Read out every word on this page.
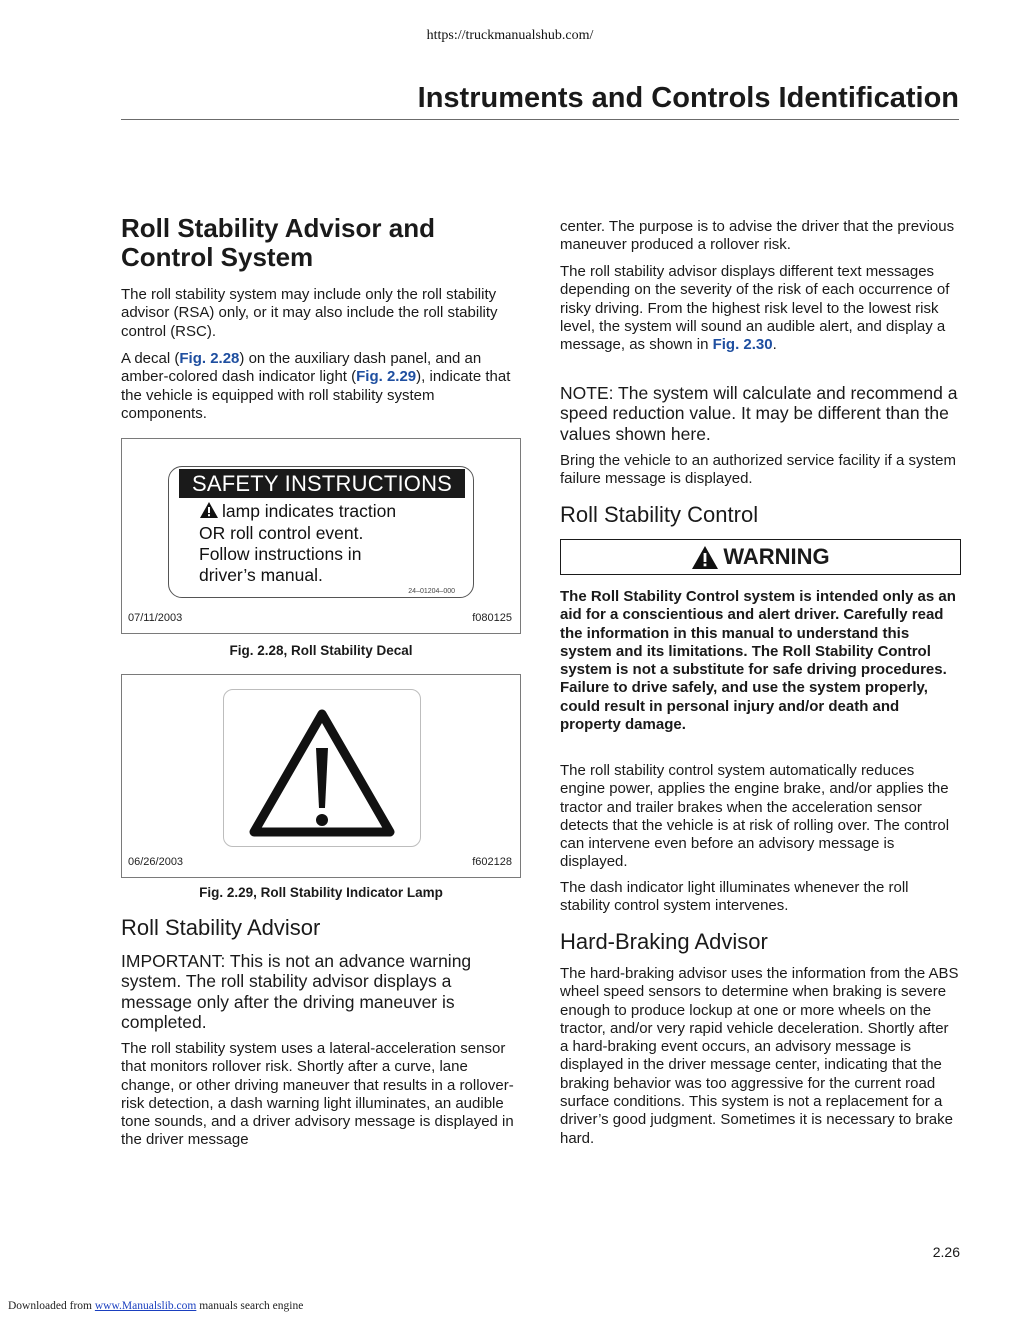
https://truckmanualshub.com/
Instruments and Controls Identification
Roll Stability Advisor and Control System

The roll stability system may include only the roll stability advisor (RSA) only, or it may also include the roll stability control (RSC).

A decal (Fig. 2.28) on the auxiliary dash panel, and an amber-colored dash indicator light (Fig. 2.29), indicate that the vehicle is equipped with roll stability system components.

SAFETY INSTRUCTIONS
lamp indicates traction
OR roll control event.
Follow instructions in
driver’s manual.
24–01204–000
07/11/2003	f080125
Fig. 2.28, Roll Stability Decal
06/26/2003	f602128
Fig. 2.29, Roll Stability Indicator Lamp
Roll Stability Advisor

IMPORTANT: This is not an advance warning system. The roll stability advisor displays a message only after the driving maneuver is completed.

The roll stability system uses a lateral-acceleration sensor that monitors rollover risk. Shortly after a curve, lane change, or other driving maneuver that results in a rollover-risk detection, a dash warning light illuminates, an audible tone sounds, and a driver advisory message is displayed in the driver message

center. The purpose is to advise the driver that the previous maneuver produced a rollover risk.

The roll stability advisor displays different text messages depending on the severity of the risk of each occurrence of risky driving. From the highest risk level to the lowest risk level, the system will sound an audible alert, and display a message, as shown in Fig. 2.30.

NOTE: The system will calculate and recommend a speed reduction value. It may be different than the values shown here.

Bring the vehicle to an authorized service facility if a system failure message is displayed.

Roll Stability Control
WARNING

The Roll Stability Control system is intended only as an aid for a conscientious and alert driver. Carefully read the information in this manual to understand this system and its limitations. The Roll Stability Control system is not a substitute for safe driving procedures. Failure to drive safely, and use the system properly, could result in personal injury and/or death and property damage.

The roll stability control system automatically reduces engine power, applies the engine brake, and/or applies the tractor and trailer brakes when the acceleration sensor detects that the vehicle is at risk of rolling over. The control can intervene even before an advisory message is displayed.

The dash indicator light illuminates whenever the roll stability control system intervenes.

Hard-Braking Advisor

The hard-braking advisor uses the information from the ABS wheel speed sensors to determine when braking is severe enough to produce lockup at one or more wheels on the tractor, and/or very rapid vehicle deceleration. Shortly after a hard-braking event occurs, an advisory message is displayed in the driver message center, indicating that the braking behavior was too aggressive for the current road surface conditions. This system is not a replacement for a driver’s good judgment. Sometimes it is necessary to brake hard.

2.26
Downloaded from www.Manualslib.com manuals search engine
